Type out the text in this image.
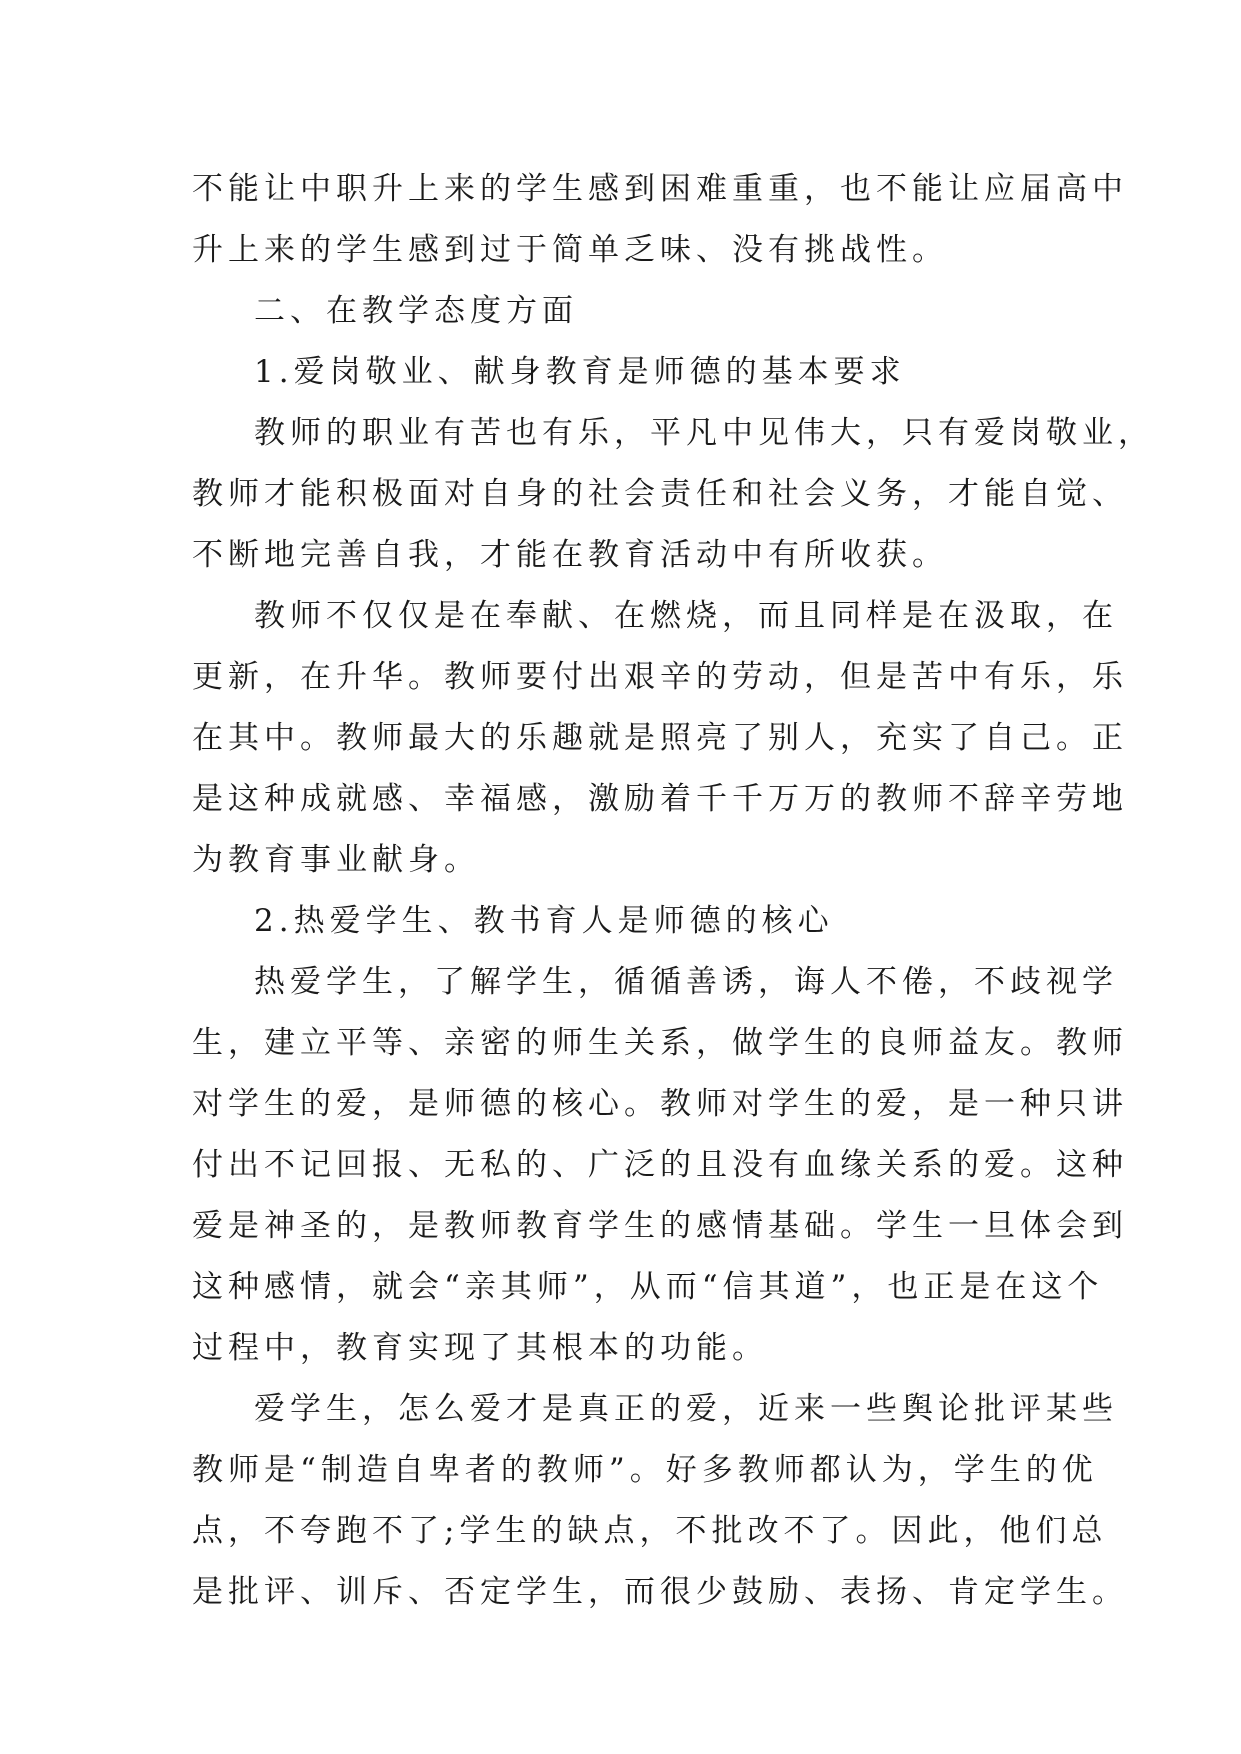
不能让中职升上来的学生感到困难重重，也不能让应届高中
升上来的学生感到过于简单乏味、没有挑战性。
二、在教学态度方面
1.爱岗敬业、献身教育是师德的基本要求
教师的职业有苦也有乐，平凡中见伟大，只有爱岗敬业，
教师才能积极面对自身的社会责任和社会义务，才能自觉、
不断地完善自我，才能在教育活动中有所收获。
教师不仅仅是在奉献、在燃烧，而且同样是在汲取，在
更新，在升华。教师要付出艰辛的劳动，但是苦中有乐，乐
在其中。教师最大的乐趣就是照亮了别人，充实了自己。正
是这种成就感、幸福感，激励着千千万万的教师不辞辛劳地
为教育事业献身。
2.热爱学生、教书育人是师德的核心
热爱学生，了解学生，循循善诱，诲人不倦，不歧视学
生，建立平等、亲密的师生关系，做学生的良师益友。教师
对学生的爱，是师德的核心。教师对学生的爱，是一种只讲
付出不记回报、无私的、广泛的且没有血缘关系的爱。这种
爱是神圣的，是教师教育学生的感情基础。学生一旦体会到
这种感情，就会“亲其师”，从而“信其道”，也正是在这个
过程中，教育实现了其根本的功能。
爱学生，怎么爱才是真正的爱，近来一些舆论批评某些
教师是“制造自卑者的教师”。好多教师都认为，学生的优
点，不夸跑不了;学生的缺点，不批改不了。因此，他们总
是批评、训斥、否定学生，而很少鼓励、表扬、肯定学生。
